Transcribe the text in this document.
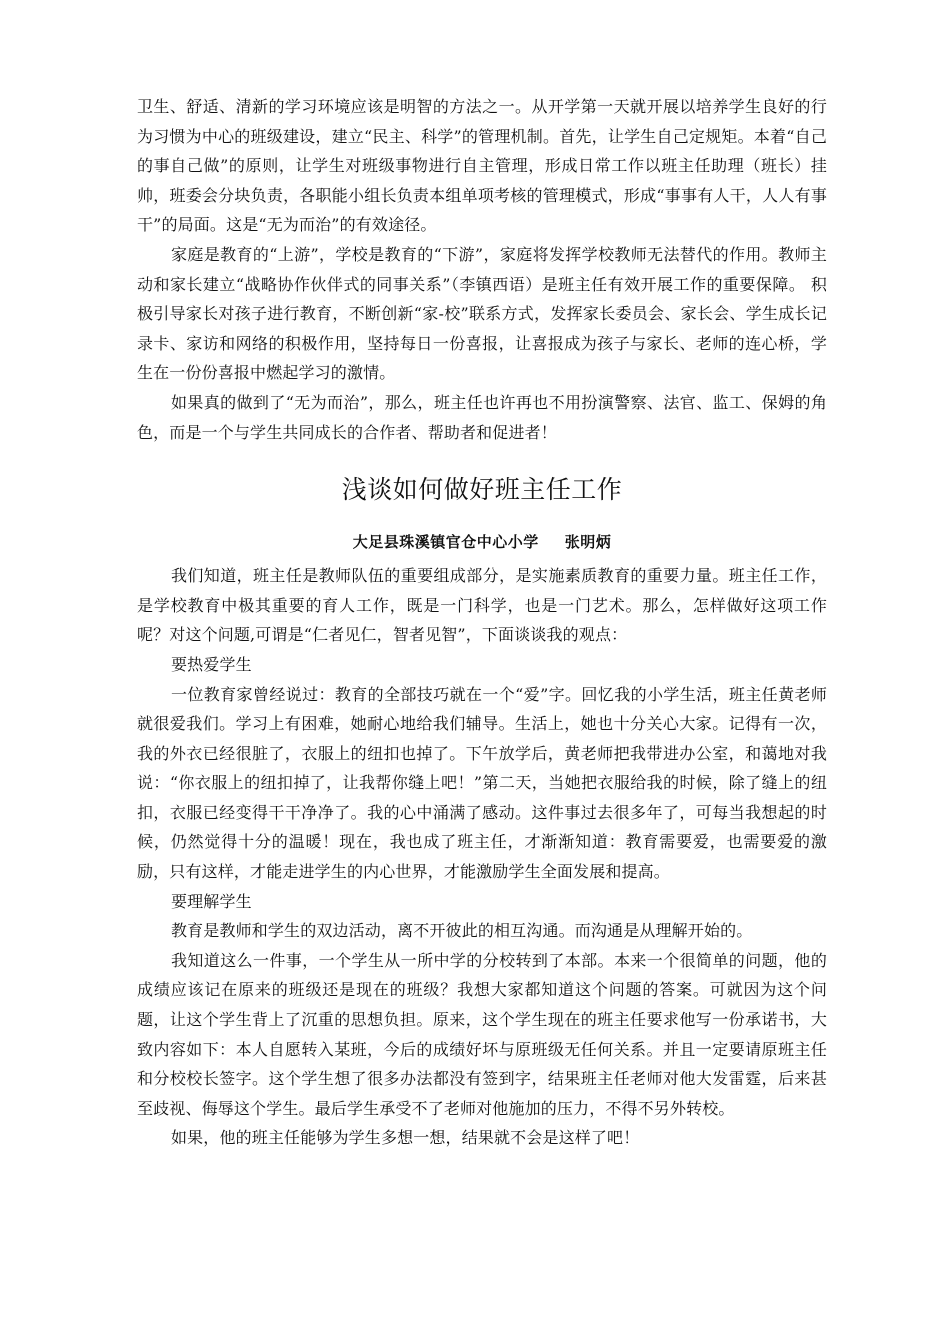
卫生、舒适、清新的学习环境应该是明智的方法之一。从开学第一天就开展以培养学生良好的行为习惯为中心的班级建设，建立“民主、科学”的管理机制。首先，让学生自己定规矩。本着“自己的事自己做”的原则，让学生对班级事物进行自主管理，形成日常工作以班主任助理（班长）挂帅，班委会分块负责，各职能小组长负责本组单项考核的管理模式，形成“事事有人干，人人有事干”的局面。这是“无为而治”的有效途径。

家庭是教育的“上游”，学校是教育的“下游”，家庭将发挥学校教师无法替代的作用。教师主动和家长建立“战略协作伙伴式的同事关系”（李镇西语）是班主任有效开展工作的重要保障。 积极引导家长对孩子进行教育，不断创新“家-校”联系方式，发挥家长委员会、家长会、学生成长记录卡、家访和网络的积极作用，坚持每日一份喜报，让喜报成为孩子与家长、老师的连心桥，学生在一份份喜报中燃起学习的激情。

如果真的做到了“无为而治”，那么，班主任也许再也不用扮演警察、法官、监工、保姆的角色，而是一个与学生共同成长的合作者、帮助者和促进者！

浅谈如何做好班主任工作
大足县珠溪镇官仓中心小学 张明炳

我们知道，班主任是教师队伍的重要组成部分，是实施素质教育的重要力量。班主任工作，是学校教育中极其重要的育人工作，既是一门科学，也是一门艺术。那么，怎样做好这项工作呢？对这个问题,可谓是“仁者见仁，智者见智”，下面谈谈我的观点：

要热爱学生

一位教育家曾经说过：教育的全部技巧就在一个“爱”字。回忆我的小学生活，班主任黄老师就很爱我们。学习上有困难，她耐心地给我们辅导。生活上，她也十分关心大家。记得有一次，我的外衣已经很脏了，衣服上的纽扣也掉了。下午放学后，黄老师把我带进办公室，和蔼地对我说：“你衣服上的纽扣掉了，让我帮你缝上吧！”第二天，当她把衣服给我的时候，除了缝上的纽扣，衣服已经变得干干净净了。我的心中涌满了感动。这件事过去很多年了，可每当我想起的时候，仍然觉得十分的温暖！现在，我也成了班主任，才渐渐知道：教育需要爱，也需要爱的激励，只有这样，才能走进学生的内心世界，才能激励学生全面发展和提高。

要理解学生

教育是教师和学生的双边活动，离不开彼此的相互沟通。而沟通是从理解开始的。

我知道这么一件事，一个学生从一所中学的分校转到了本部。本来一个很简单的问题，他的成绩应该记在原来的班级还是现在的班级？我想大家都知道这个问题的答案。可就因为这个问题，让这个学生背上了沉重的思想负担。原来，这个学生现在的班主任要求他写一份承诺书，大致内容如下：本人自愿转入某班，今后的成绩好坏与原班级无任何关系。并且一定要请原班主任和分校校长签字。这个学生想了很多办法都没有签到字，结果班主任老师对他大发雷霆，后来甚至歧视、侮辱这个学生。最后学生承受不了老师对他施加的压力，不得不另外转校。

如果，他的班主任能够为学生多想一想，结果就不会是这样了吧！
